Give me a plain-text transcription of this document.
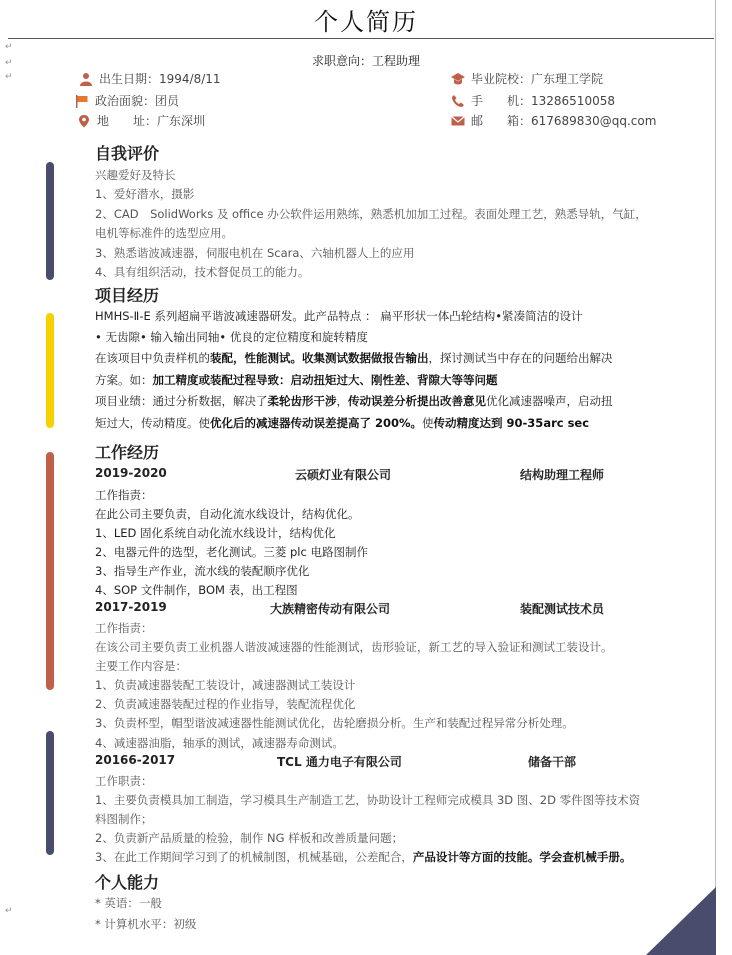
↵
↵
↵
↵
个人简历
求职意向：工程助理
出生日期：1994/8/11
政治面貌：团员
地　　址：广东深圳
毕业院校：广东理工学院
手　　机：13286510058
邮　　箱：617689830@qq.com
自我评价
兴趣爱好及特长
1、爱好潜水，摄影
2、CAD　SolidWorks 及 office 办公软件运用熟练，熟悉机加加工过程。表面处理工艺，熟悉导轨，气缸，
电机等标准件的选型应用。
3、熟悉谐波减速器，伺服电机在 Scara、六轴机器人上的应用
4、具有组织活动，技术督促员工的能力。
项目经历
HMHS-Ⅱ-E 系列超扁平谐波减速器研发。此产品特点 ： 扁平形状一体凸轮结构•紧凑简洁的设计
• 无齿隙• 输入输出同轴• 优良的定位精度和旋转精度
在该项目中负责样机的装配，性能测试。收集测试数据做报告输出，探讨测试当中存在的问题给出解决
方案。如：加工精度或装配过程导致：启动扭矩过大、刚性差、背隙大等等问题
项目业绩：通过分析数据，解决了柔轮齿形干涉，传动误差分析提出改善意见优化减速器噪声，启动扭
矩过大，传动精度。使优化后的减速器传动误差提高了 200%。使传动精度达到 90-35arc sec
工作经历
2019-2020	云硕灯业有限公司	结构助理工程师
工作指责：
在此公司主要负责，自动化流水线设计，结构优化。
1、LED 固化系统自动化流水线设计，结构优化
2、电器元件的选型，老化测试。三菱 plc 电路图制作
3、指导生产作业，流水线的装配顺序优化
4、SOP 文件制作，BOM 表，出工程图
2017-2019	大族精密传动有限公司	装配测试技术员
工作指责：
在该公司主要负责工业机器人谐波减速器的性能测试，齿形验证，新工艺的导入验证和测试工装设计。
主要工作内容是：
1、负责减速器装配工装设计，减速器测试工装设计
2、负责减速器装配过程的作业指导，装配流程优化
3、负责杯型，帽型谐波减速器性能测试优化，齿轮磨损分析。生产和装配过程异常分析处理。
4、减速器油脂，轴承的测试，减速器寿命测试。
20166-2017	TCL 通力电子有限公司	储备干部
工作职责：
1、主要负责模具加工制造，学习模具生产制造工艺，协助设计工程师完成模具 3D 图、2D 零件图等技术资
料图制作；
2、负责新产品质量的检验，制作 NG 样板和改善质量问题；
3、在此工作期间学习到了的机械制图，机械基础，公差配合，产品设计等方面的技能。学会查机械手册。
个人能力
* 英语：一般
* 计算机水平：初级
